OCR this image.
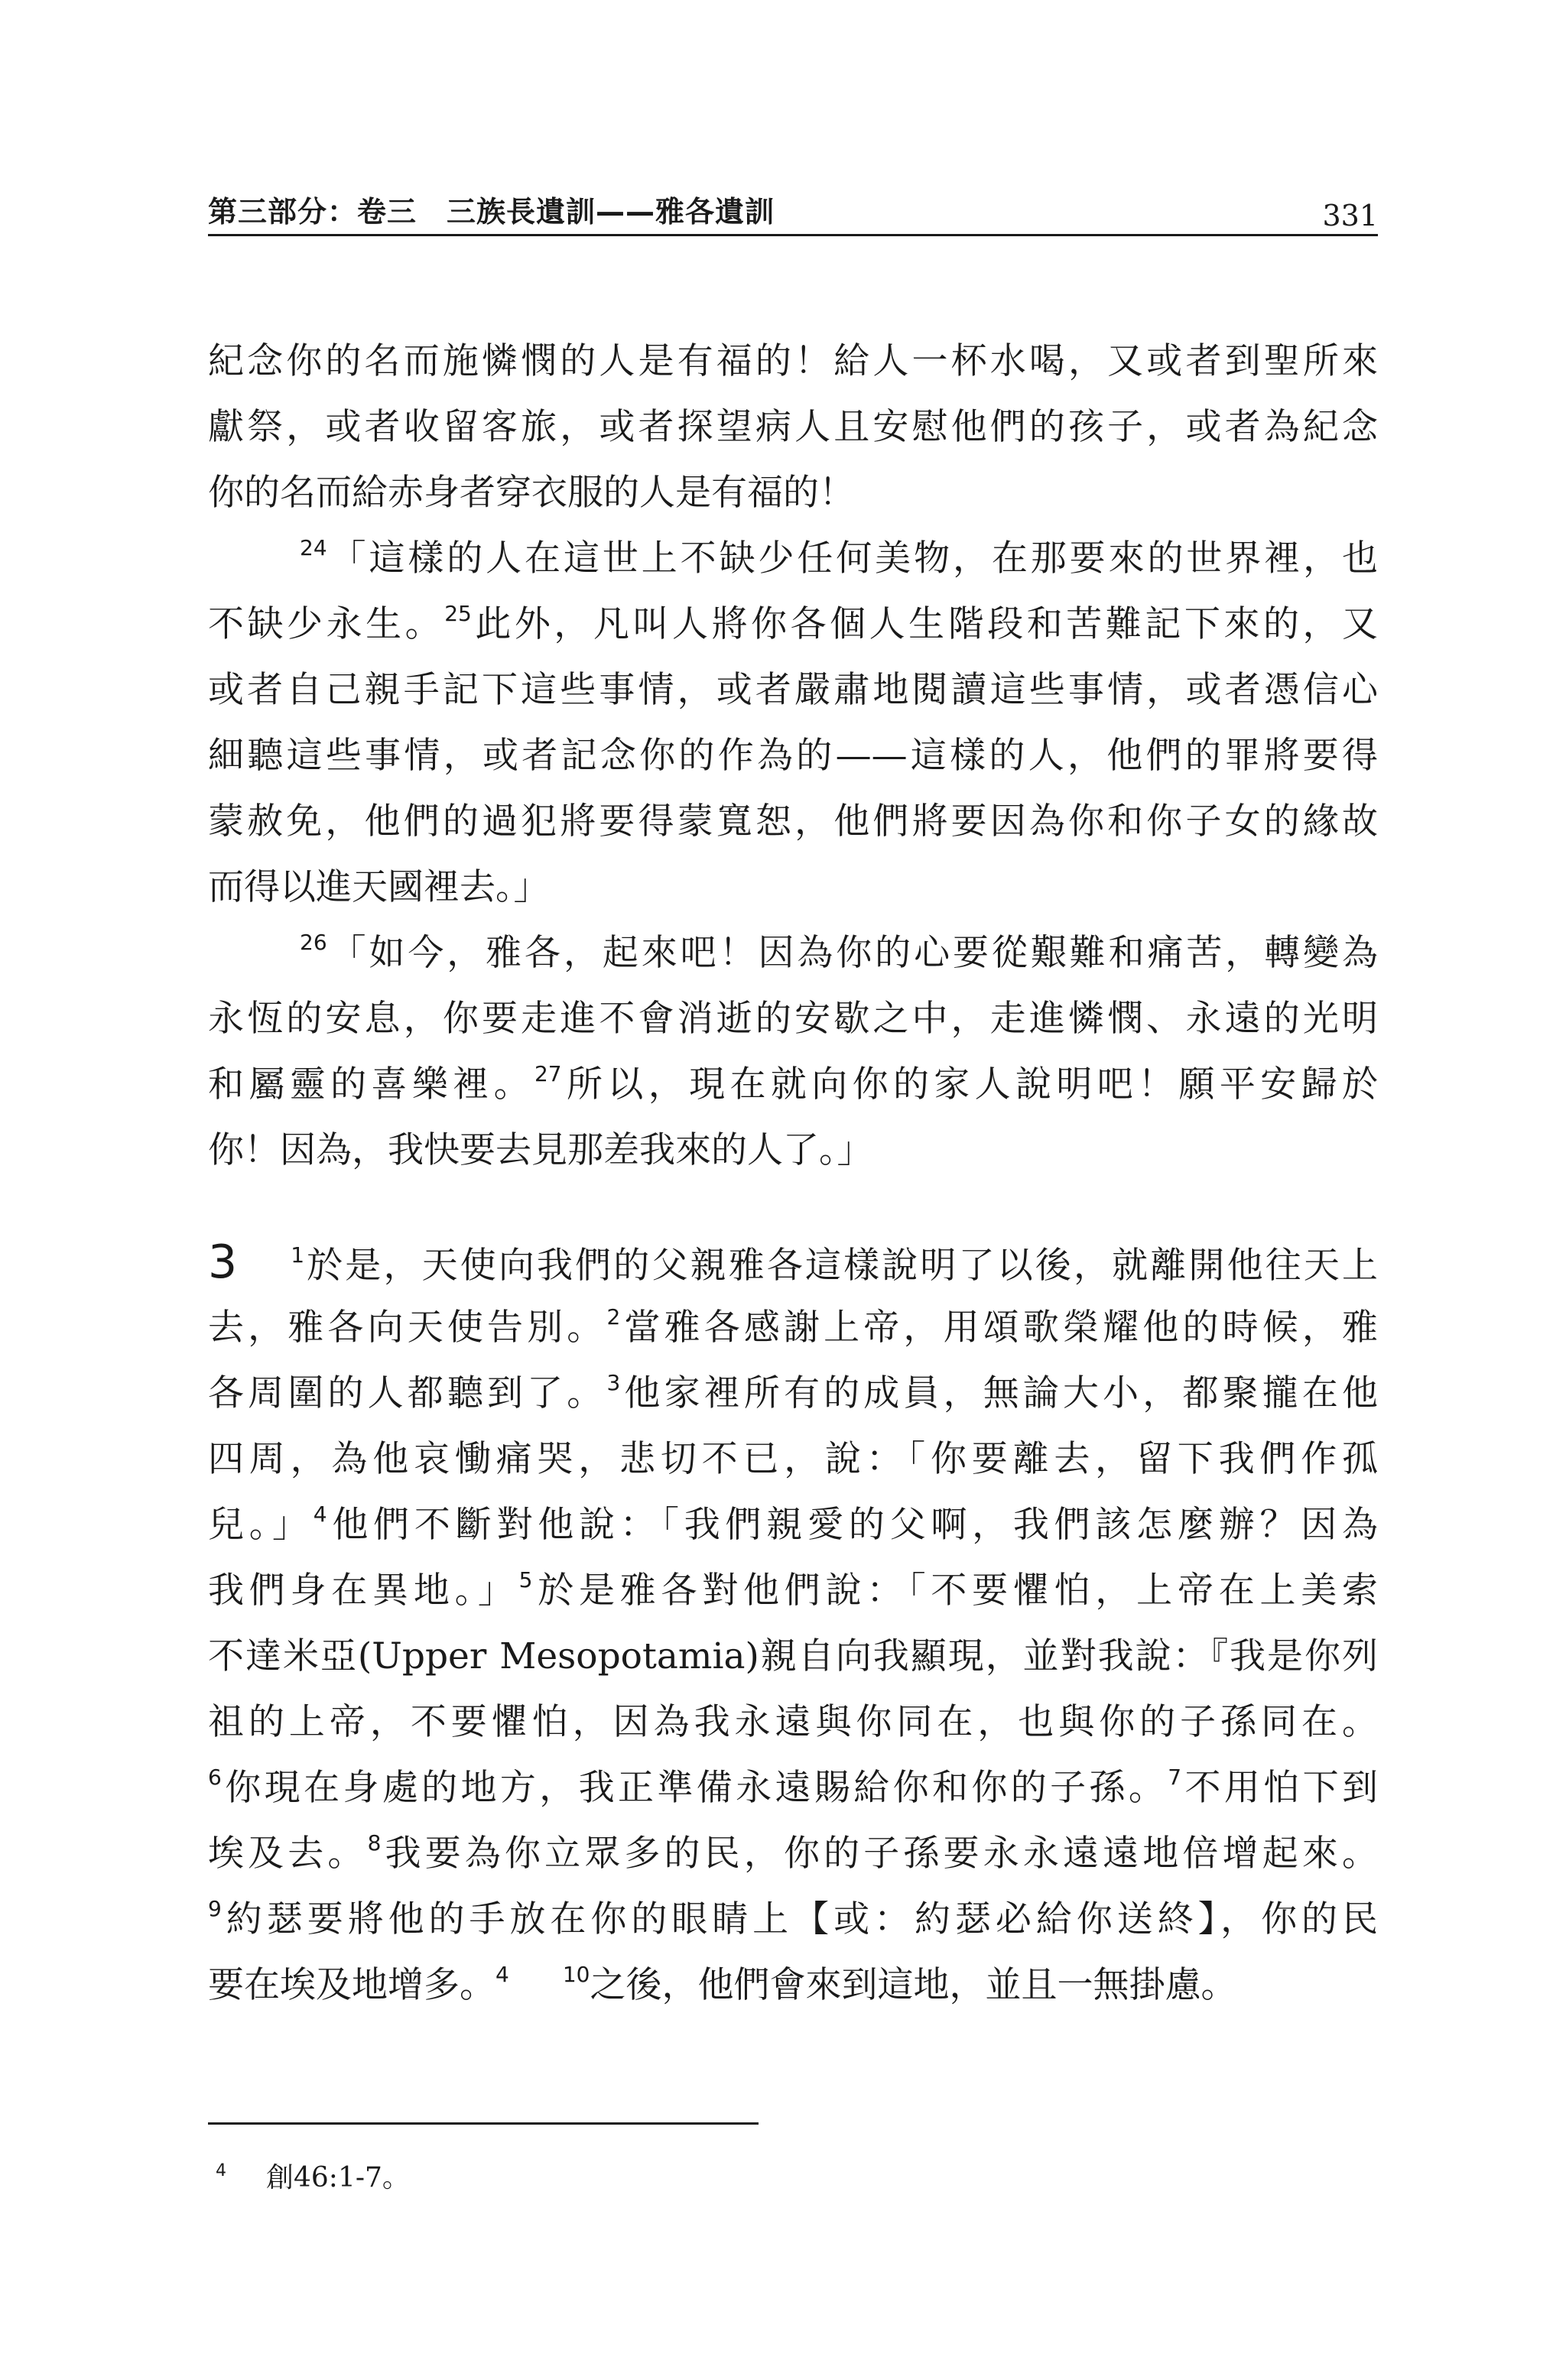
第三部分：卷三　三族長遺訓——雅各遺訓	331
紀念你的名而施憐憫的人是有福的！給人一杯水喝，又或者到聖所來
獻祭，或者收留客旅，或者探望病人且安慰他們的孩子，或者為紀念
你的名而給赤身者穿衣服的人是有福的！
$^{24}$「這樣的人在這世上不缺少任何美物，在那要來的世界裡，也
不缺少永生。$^{25}$此外，凡叫人將你各個人生階段和苦難記下來的，又
或者自己親手記下這些事情，或者嚴肅地閱讀這些事情，或者憑信心
細聽這些事情，或者記念你的作為的——這樣的人，他們的罪將要得
蒙赦免，他們的過犯將要得蒙寬恕，他們將要因為你和你子女的緣故
而得以進天國裡去。」
$^{26}$「如今，雅各，起來吧！因為你的心要從艱難和痛苦，轉變為
永恆的安息，你要走進不會消逝的安歇之中，走進憐憫、永遠的光明
和屬靈的喜樂裡。$^{27}$所以，現在就向你的家人說明吧！願平安歸於
你！因為，我快要去見那差我來的人了。」
3	$^1$於是，天使向我們的父親雅各這樣說明了以後，就離開他往天上
去，雅各向天使告別。$^2$當雅各感謝上帝，用頌歌榮耀他的時候，雅
各周圍的人都聽到了。$^3$他家裡所有的成員，無論大小，都聚攏在他
四周，為他哀慟痛哭，悲切不已，說：「你要離去，留下我們作孤
兒。」$^4$他們不斷對他說：「我們親愛的父啊，我們該怎麼辦？因為
我們身在異地。」$^5$於是雅各對他們說：「不要懼怕，上帝在上美索
不達米亞(Upper Mesopotamia)親自向我顯現，並對我說：『我是你列
祖的上帝，不要懼怕，因為我永遠與你同在，也與你的子孫同在。
$^6$你現在身處的地方，我正準備永遠賜給你和你的子孫。$^7$不用怕下到
埃及去。$^8$我要為你立眾多的民，你的子孫要永永遠遠地倍增起來。
$^9$約瑟要將他的手放在你的眼睛上【或：約瑟必給你送終】，你的民
要在埃及地增多。$^4$	$^{10}$之後，他們會來到這地，並且一無掛慮。
$^4$ 創46:1-7。
